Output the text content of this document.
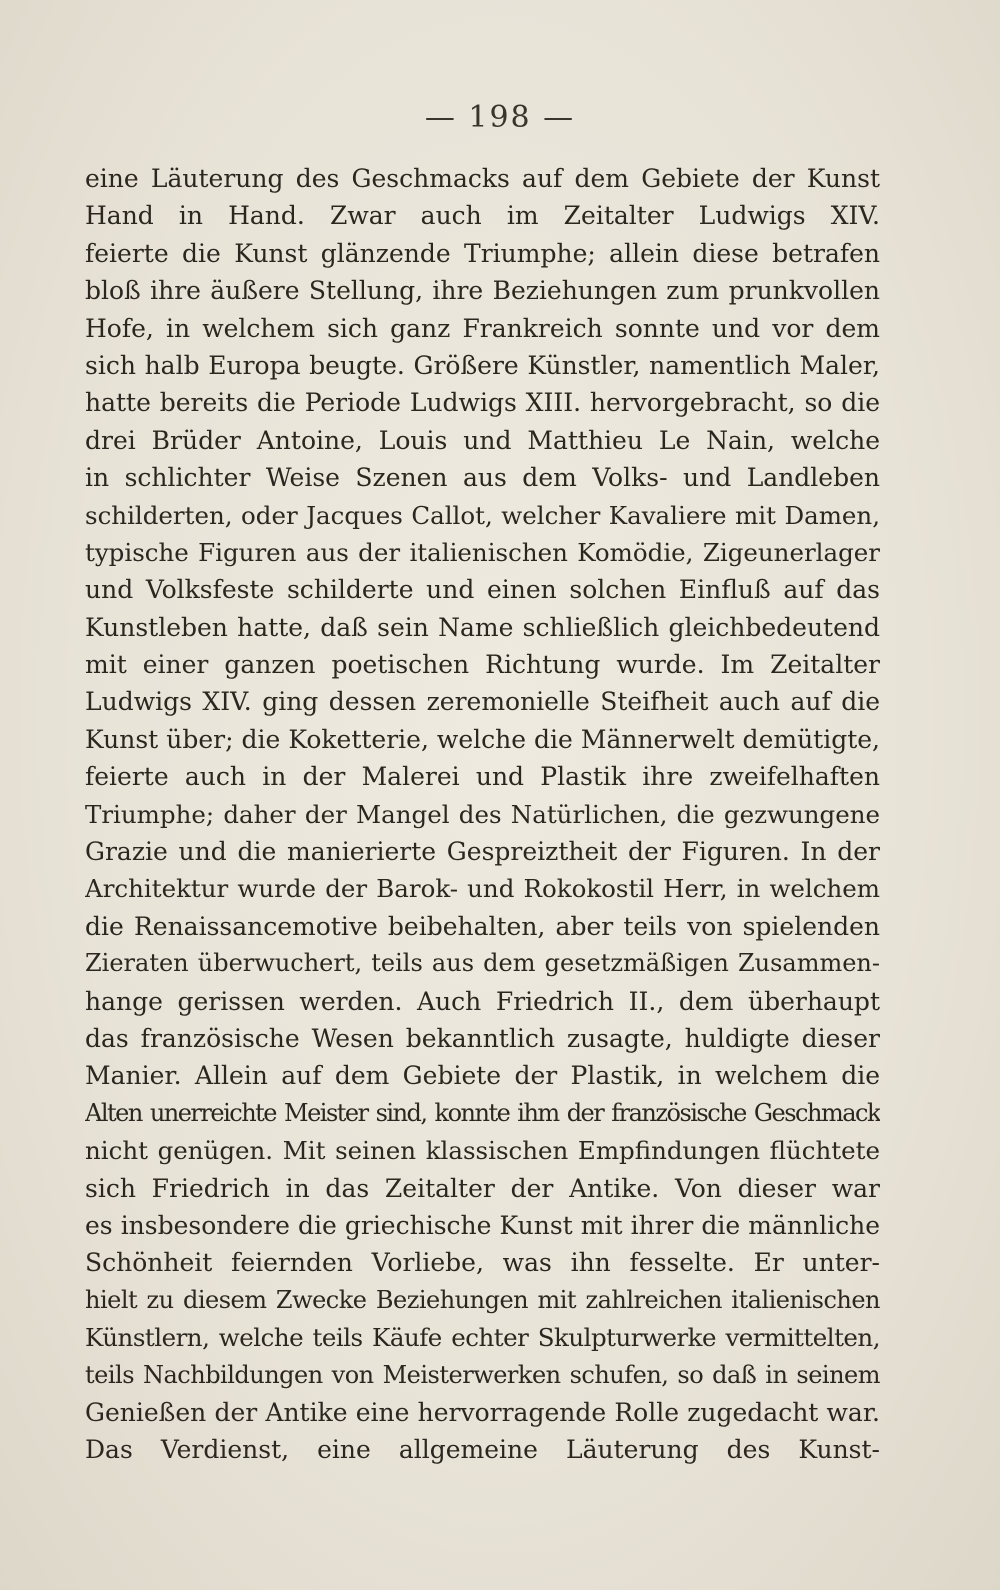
— 198 —
eine Läuterung des Geschmacks auf dem Gebiete der Kunst
Hand in Hand. Zwar auch im Zeitalter Ludwigs XIV.
feierte die Kunst glänzende Triumphe; allein diese betrafen
bloß ihre äußere Stellung, ihre Beziehungen zum prunkvollen
Hofe, in welchem sich ganz Frankreich sonnte und vor dem
sich halb Europa beugte. Größere Künstler, namentlich Maler,
hatte bereits die Periode Ludwigs XIII. hervorgebracht, so die
drei Brüder Antoine, Louis und Matthieu Le Nain, welche
in schlichter Weise Szenen aus dem Volks- und Landleben
schilderten, oder Jacques Callot, welcher Kavaliere mit Damen,
typische Figuren aus der italienischen Komödie, Zigeunerlager
und Volksfeste schilderte und einen solchen Einfluß auf das
Kunstleben hatte, daß sein Name schließlich gleichbedeutend
mit einer ganzen poetischen Richtung wurde. Im Zeitalter
Ludwigs XIV. ging dessen zeremonielle Steifheit auch auf die
Kunst über; die Koketterie, welche die Männerwelt demütigte,
feierte auch in der Malerei und Plastik ihre zweifelhaften
Triumphe; daher der Mangel des Natürlichen, die gezwungene
Grazie und die manierierte Gespreiztheit der Figuren. In der
Architektur wurde der Barok- und Rokokostil Herr, in welchem
die Renaissancemotive beibehalten, aber teils von spielenden
Zieraten überwuchert, teils aus dem gesetzmäßigen Zusammen-
hange gerissen werden. Auch Friedrich II., dem überhaupt
das französische Wesen bekanntlich zusagte, huldigte dieser
Manier. Allein auf dem Gebiete der Plastik, in welchem die
Alten unerreichte Meister sind, konnte ihm der französische Geschmack
nicht genügen. Mit seinen klassischen Empfindungen flüchtete
sich Friedrich in das Zeitalter der Antike. Von dieser war
es insbesondere die griechische Kunst mit ihrer die männliche
Schönheit feiernden Vorliebe, was ihn fesselte. Er unter-
hielt zu diesem Zwecke Beziehungen mit zahlreichen italienischen
Künstlern, welche teils Käufe echter Skulpturwerke vermittelten,
teils Nachbildungen von Meisterwerken schufen, so daß in seinem
Genießen der Antike eine hervorragende Rolle zugedacht war.
Das Verdienst, eine allgemeine Läuterung des Kunst-
